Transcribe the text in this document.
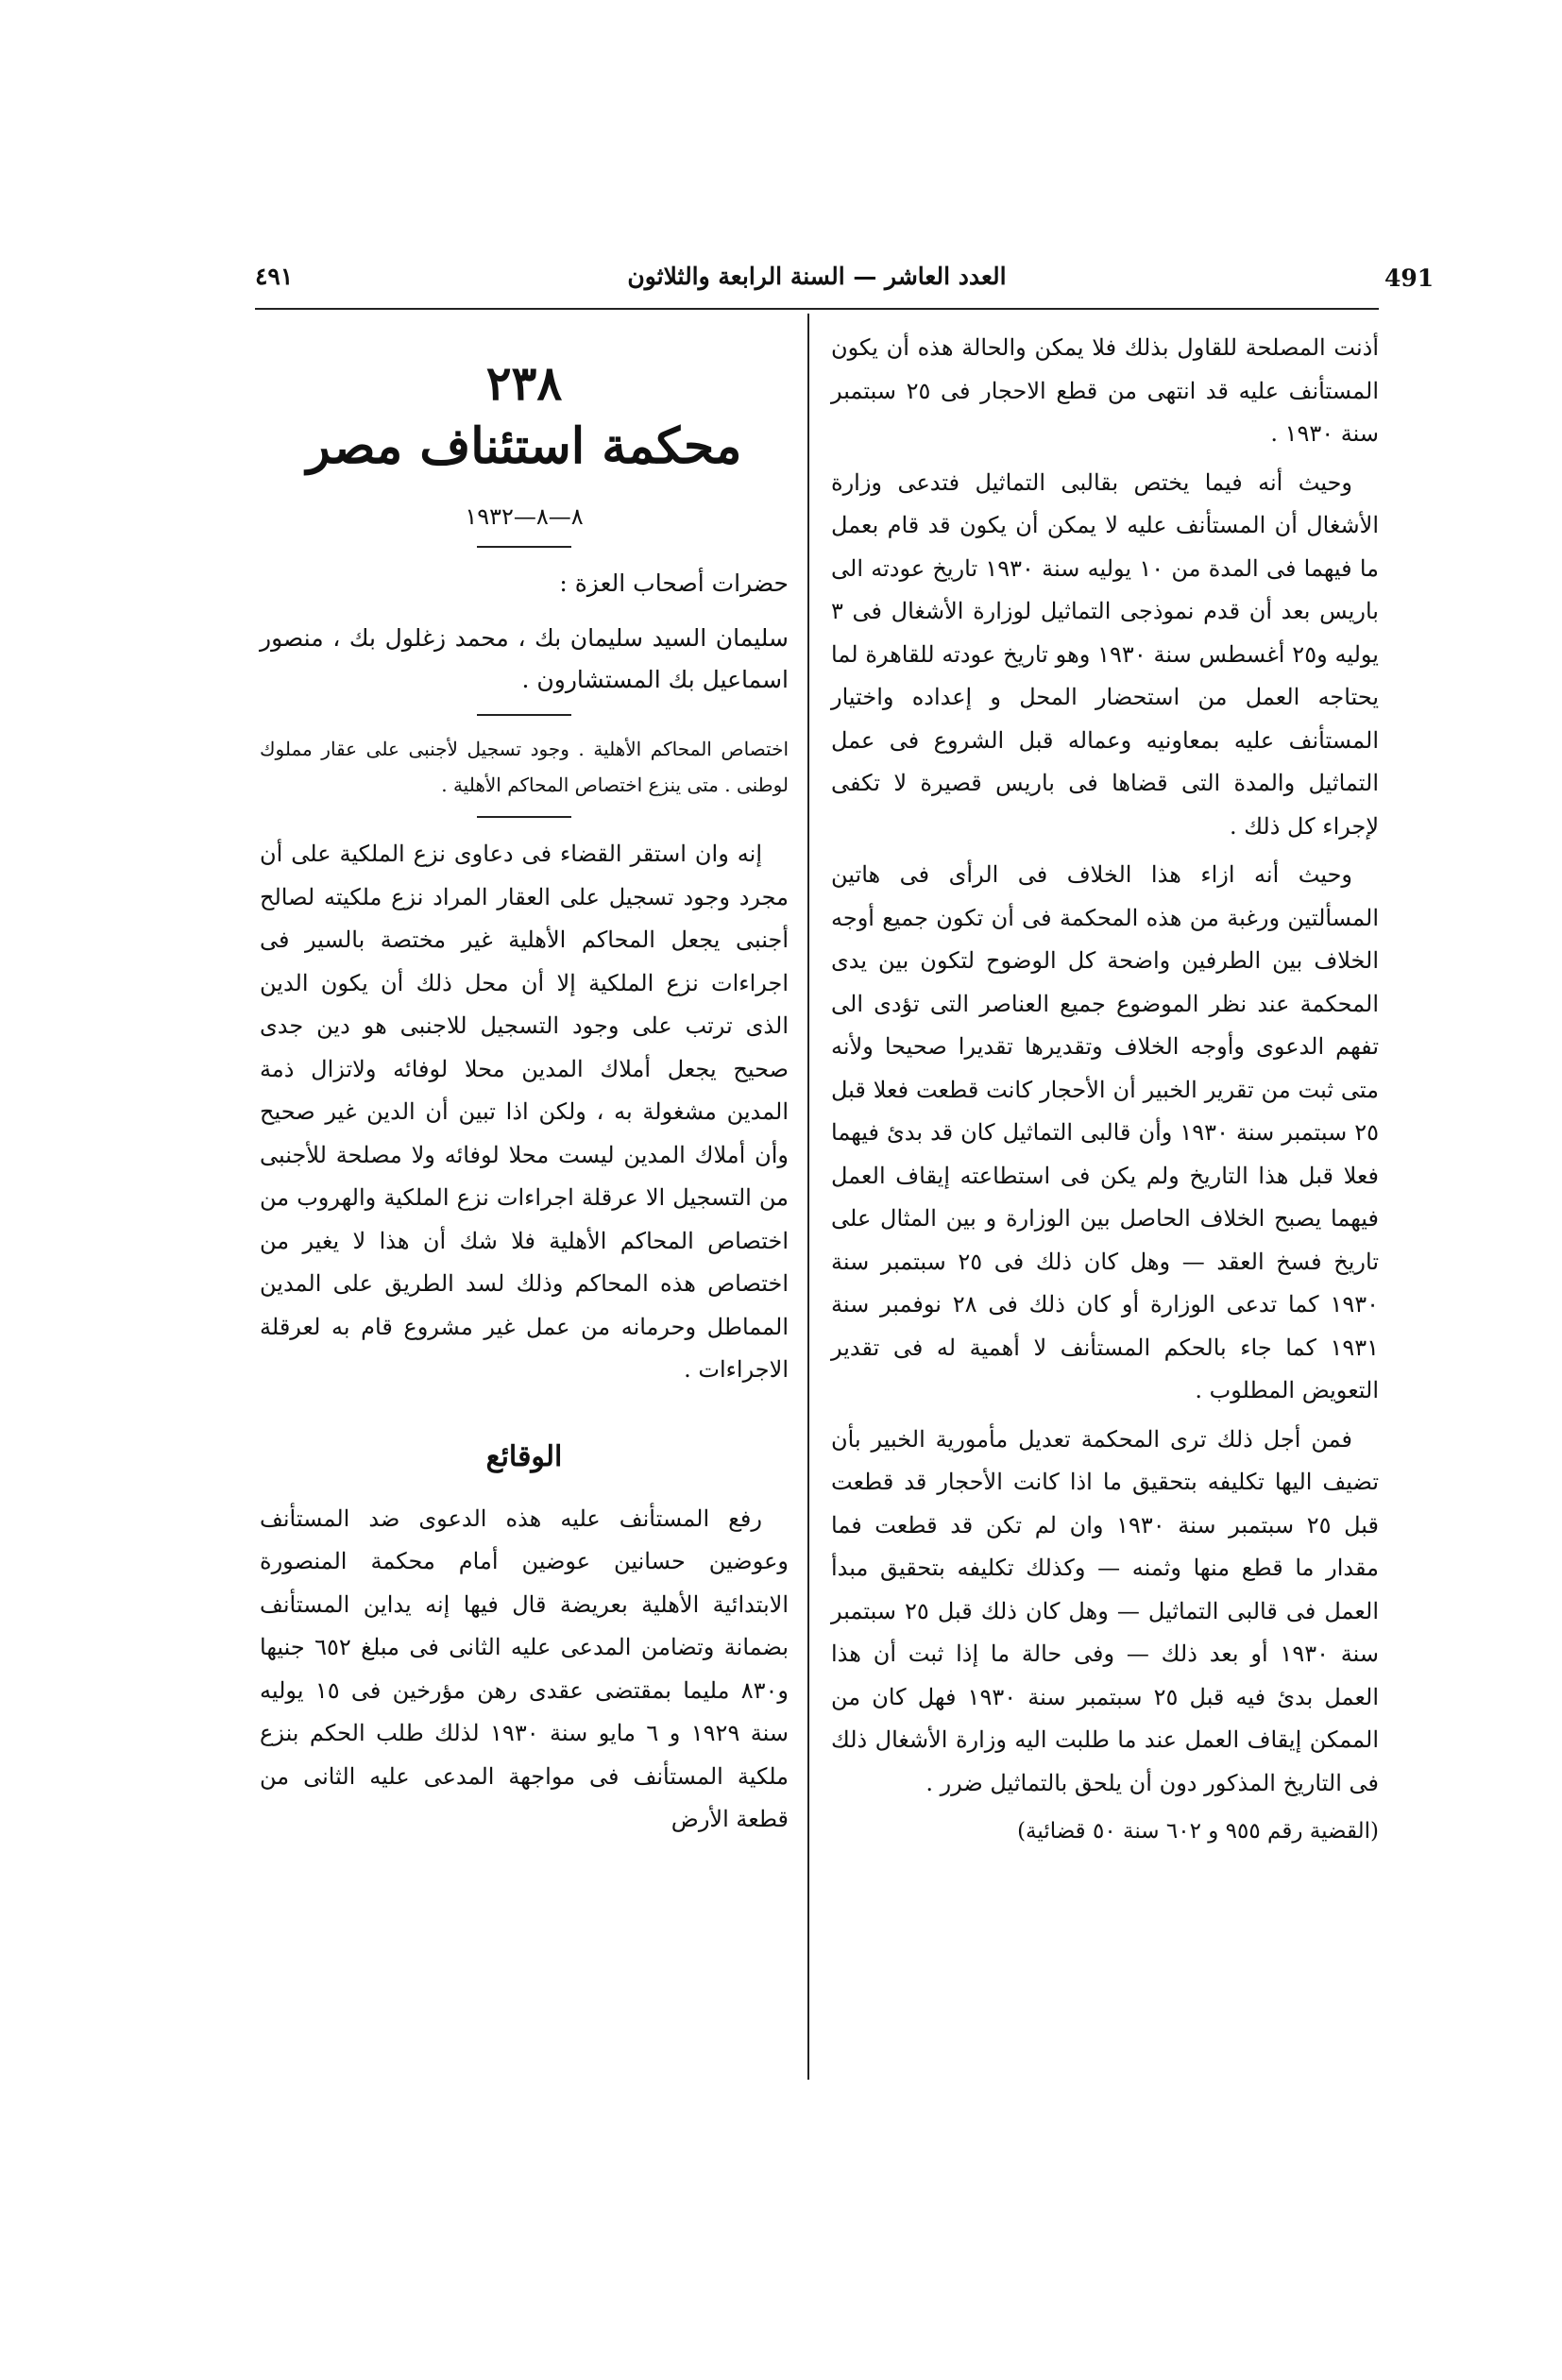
491
العدد العاشر — السنة الرابعة والثلاثون
٤٩١

أذنت المصلحة للقاول بذلك فلا يمكن والحالة هذه أن يكون المستأنف عليه قد انتهى من قطع الاحجار فى ٢٥ سبتمبر سنة ١٩٣٠ .

وحيث أنه فيما يختص بقالبى التماثيل فتدعى وزارة الأشغال أن المستأنف عليه لا يمكن أن يكون قد قام بعمل ما فيهما فى المدة من ١٠ يوليه سنة ١٩٣٠ تاريخ عودته الى باريس بعد أن قدم نموذجى التماثيل لوزارة الأشغال فى ٣ يوليه و٢٥ أغسطس سنة ١٩٣٠ وهو تاريخ عودته للقاهرة لما يحتاجه العمل من استحضار المحل و إعداده واختيار المستأنف عليه بمعاونيه وعماله قبل الشروع فى عمل التماثيل والمدة التى قضاها فى باريس قصيرة لا تكفى لإجراء كل ذلك .

وحيث أنه ازاء هذا الخلاف فى الرأى فى هاتين المسألتين ورغبة من هذه المحكمة فى أن تكون جميع أوجه الخلاف بين الطرفين واضحة كل الوضوح لتكون بين يدى المحكمة عند نظر الموضوع جميع العناصر التى تؤدى الى تفهم الدعوى وأوجه الخلاف وتقديرها تقديرا صحيحا ولأنه متى ثبت من تقرير الخبير أن الأحجار كانت قطعت فعلا قبل ٢٥ سبتمبر سنة ١٩٣٠ وأن قالبى التماثيل كان قد بدئ فيهما فعلا قبل هذا التاريخ ولم يكن فى استطاعته إيقاف العمل فيهما يصبح الخلاف الحاصل بين الوزارة و بين المثال على تاريخ فسخ العقد — وهل كان ذلك فى ٢٥ سبتمبر سنة ١٩٣٠ كما تدعى الوزارة أو كان ذلك فى ٢٨ نوفمبر سنة ١٩٣١ كما جاء بالحكم المستأنف لا أهمية له فى تقدير التعويض المطلوب .

فمن أجل ذلك ترى المحكمة تعديل مأمورية الخبير بأن تضيف اليها تكليفه بتحقيق ما اذا كانت الأحجار قد قطعت قبل ٢٥ سبتمبر سنة ١٩٣٠ وان لم تكن قد قطعت فما مقدار ما قطع منها وثمنه — وكذلك تكليفه بتحقيق مبدأ العمل فى قالبى التماثيل — وهل كان ذلك قبل ٢٥ سبتمبر سنة ١٩٣٠ أو بعد ذلك — وفى حالة ما إذا ثبت أن هذا العمل بدئ فيه قبل ٢٥ سبتمبر سنة ١٩٣٠ فهل كان من الممكن إيقاف العمل عند ما طلبت اليه وزارة الأشغال ذلك فى التاريخ المذكور دون أن يلحق بالتماثيل ضرر .

(القضية رقم ٩٥٥ و ٦٠٢ سنة ٥٠ قضائية)
٢٣٨
محكمة استئناف مصر
٨—٨—١٩٣٢
حضرات أصحاب العزة :
سليمان السيد سليمان بك ، محمد زغلول بك ، منصور اسماعيل بك المستشارون .
اختصاص المحاكم الأهلية . وجود تسجيل لأجنبى على عقار مملوك لوطنى . متى ينزع اختصاص المحاكم الأهلية .

إنه وان استقر القضاء فى دعاوى نزع الملكية على أن مجرد وجود تسجيل على العقار المراد نزع ملكيته لصالح أجنبى يجعل المحاكم الأهلية غير مختصة بالسير فى اجراءات نزع الملكية إلا أن محل ذلك أن يكون الدين الذى ترتب على وجود التسجيل للاجنبى هو دين جدى صحيح يجعل أملاك المدين محلا لوفائه ولاتزال ذمة المدين مشغولة به ، ولكن اذا تبين أن الدين غير صحيح وأن أملاك المدين ليست محلا لوفائه ولا مصلحة للأجنبى من التسجيل الا عرقلة اجراءات نزع الملكية والهروب من اختصاص المحاكم الأهلية فلا شك أن هذا لا يغير من اختصاص هذه المحاكم وذلك لسد الطريق على المدين المماطل وحرمانه من عمل غير مشروع قام به لعرقلة الاجراءات .

الوقائع

رفع المستأنف عليه هذه الدعوى ضد المستأنف وعوضين حسانين عوضين أمام محكمة المنصورة الابتدائية الأهلية بعريضة قال فيها إنه يداين المستأنف بضمانة وتضامن المدعى عليه الثانى فى مبلغ ٦٥٢ جنيها و٨٣٠ مليما بمقتضى عقدى رهن مؤرخين فى ١٥ يوليه سنة ١٩٢٩ و ٦ مايو سنة ١٩٣٠ لذلك طلب الحكم بنزع ملكية المستأنف فى مواجهة المدعى عليه الثانى من قطعة الأرض
